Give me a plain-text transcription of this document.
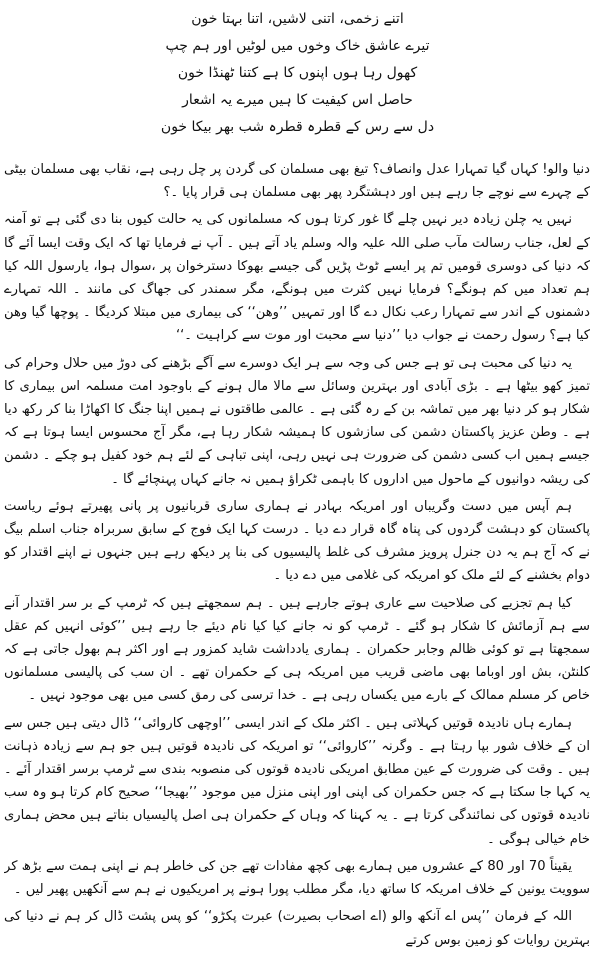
اتنے زخمی، اتنی لاشیں، اتنا بہتا خون
تیرے عاشق خاک وخوں میں لوٹیں اور ہم چپ
کھول رہا ہوں اپنوں کا ہے کتنا ٹھنڈا خون
حاصل اس کیفیت کا ہیں میرے یہ اشعار
دل سے رس کے قطرہ قطرہ شب بھر بیکا خون

دنیا والو! کہاں گیا تمہارا عدل وانصاف؟ تیغ بھی مسلمان کی گردن پر چل رہی ہے، نقاب بھی مسلمان بیٹی کے چہرے سے نوچے جا رہے ہیں اور دہشتگرد پھر بھی مسلمان ہی قرار پایا ۔؟

نہیں یہ چلن زیادہ دیر نہیں چلے گا غور کرتا ہوں کہ مسلمانوں کی یہ حالت کیوں بنا دی گئی ہے تو آمنہ کے لعل، جناب رسالت مآب صلی اللہ علیہ والہ وسلم یاد آتے ہیں ۔ آپ نے فرمایا تھا کہ ایک وقت ایسا آئے گا کہ دنیا کی دوسری قومیں تم پر ایسے ٹوٹ پڑیں گی جیسے بھوکا دسترخوان پر ،سوال ہوا، یارسول اللہ کیا ہم تعداد میں کم ہونگے؟ فرمایا نہیں کثرت میں ہونگے، مگر سمندر کی جھاگ کی مانند ۔ اللہ تمہارے دشمنوں کے اندر سے تمہارا رعب نکال دے گا اور تمہیں ’’وھن‘‘ کی بیماری میں مبتلا کردیگا ۔ پوچھا گیا وھن کیا ہے؟ رسول رحمت نے جواب دیا ’’دنیا سے محبت اور موت سے کراہیت ۔‘‘

یہ دنیا کی محبت ہی تو ہے جس کی وجہ سے ہر ایک دوسرے سے آگے بڑھنے کی دوڑ میں حلال وحرام کی تمیز کھو بیٹھا ہے ۔ بڑی آبادی اور بہترین وسائل سے مالا مال ہونے کے باوجود امت مسلمہ اس بیماری کا شکار ہو کر دنیا بھر میں تماشہ بن کے رہ گئی ہے ۔ عالمی طاقتوں نے ہمیں اپنا جنگ کا اکھاڑا بنا کر رکھ دیا ہے ۔ وطن عزیز پاکستان دشمن کی سازشوں کا ہمیشہ شکار رہا ہے، مگر آج محسوس ایسا ہوتا ہے کہ جیسے ہمیں اب کسی دشمن کی ضرورت ہی نہیں رہی، اپنی تباہی کے لئے ہم خود کفیل ہو چکے ۔ دشمن کی ریشہ دوانیوں کے ماحول میں اداروں کا باہمی ٹکراؤ ہمیں نہ جانے کہاں پہنچائے گا ۔

ہم آپس میں دست وگریباں اور امریکہ بہادر نے ہماری ساری قربانیوں پر پانی پھیرتے ہوئے ریاست پاکستان کو دہشت گردوں کی پناہ گاہ قرار دے دیا ۔ درست کہا ایک فوج کے سابق سربراہ جناب اسلم بیگ نے کہ آج ہم یہ دن جنرل پرویز مشرف کی غلط پالیسیوں کی بنا پر دیکھ رہے ہیں جنہوں نے اپنے اقتدار کو دوام بخشنے کے لئے ملک کو امریکہ کی غلامی میں دے دیا ۔

کیا ہم تجزیے کی صلاحیت سے عاری ہوتے جارہے ہیں ۔ ہم سمجھتے ہیں کہ ٹرمپ کے بر سر اقتدار آنے سے ہم آزمائش کا شکار ہو گئے ۔ ٹرمپ کو نہ جانے کیا کیا نام دیئے جا رہے ہیں ’’کوئی انہیں کم عقل سمجھتا ہے تو کوئی ظالم وجابر حکمران ۔ ہماری یادداشت شاید کمزور ہے اور اکثر ہم بھول جاتی ہے کہ کلنٹن، بش اور اوباما بھی ماضی قریب میں امریکہ ہی کے حکمران تھے ۔ ان سب کی پالیسی مسلمانوں خاص کر مسلم ممالک کے بارے میں یکساں رہی ہے ۔ خدا ترسی کی رمق کسی میں بھی موجود نہیں ۔

ہمارے ہاں نادیدہ قوتیں کہلاتی ہیں ۔ اکثر ملک کے اندر ایسی ’’اوچھی کاروائی‘‘ ڈال دیتی ہیں جس سے ان کے خلاف شور بپا رہتا ہے ۔ وگرنہ ’’کاروائی‘‘ تو امریکہ کی نادیدہ قوتیں ہیں جو ہم سے زیادہ ذہانت ہیں ۔ وقت کی ضرورت کے عین مطابق امریکی نادیدہ قوتوں کی منصوبہ بندی سے ٹرمپ برسر اقتدار آئے ۔ یہ کہا جا سکتا ہے کہ جس حکمران کی اپنی اور اپنی منزل میں موجود ’’بھیجا‘‘ صحیح کام کرتا ہو وہ سب نادیدہ قوتوں کی نمائندگی کرتا ہے ۔ یہ کہنا کہ وہاں کے حکمران ہی اصل پالیسیاں بناتے ہیں محض ہماری خام خیالی ہوگی ۔

یقیناً 70 اور 80 کے عشروں میں ہمارے بھی کچھ مفادات تھے جن کی خاطر ہم نے اپنی ہمت سے بڑھ کر سوویت یونین کے خلاف امریکہ کا ساتھ دیا، مگر مطلب پورا ہونے پر امریکیوں نے ہم سے آنکھیں پھیر لیں ۔

اللہ کے فرمان ’’پس اے آنکھ والو (اے اصحاب بصیرت) عبرت پکڑو‘‘ کو پس پشت ڈال کر ہم نے دنیا کی بہترین روایات کو زمین بوس کرتے
